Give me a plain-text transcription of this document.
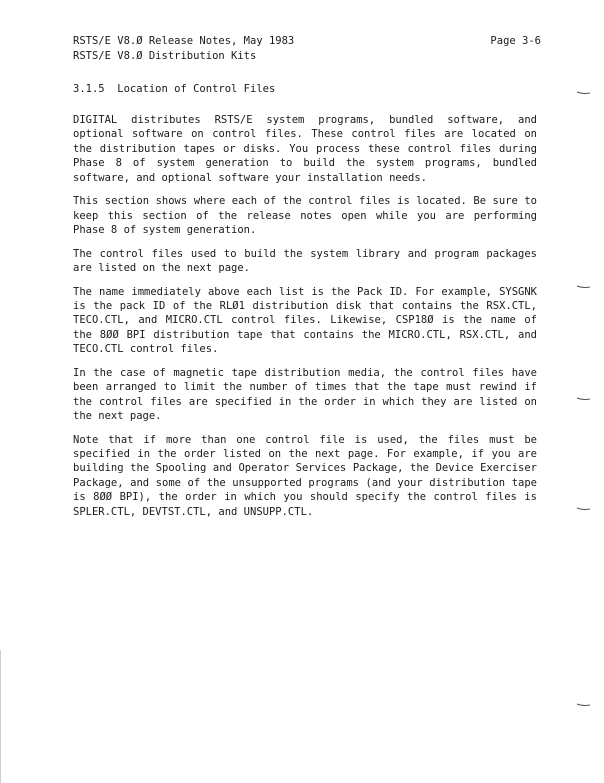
RSTS/E V8.Ø Release Notes, May 1983
RSTS/E V8.Ø Distribution Kits
Page 3-6
3.1.5  Location of Control Files

DIGITAL distributes RSTS/E system programs, bundled software, and optional software on control files. These control files are located on the distribution tapes or disks. You process these control files during Phase 8 of system generation to build the system programs, bundled software, and optional software your installation needs.

This section shows where each of the control files is located. Be sure to keep this section of the release notes open while you are performing Phase 8 of system generation.

The control files used to build the system library and program packages are listed on the next page.

The name immediately above each list is the Pack ID. For example, SYSGNK is the pack ID of the RLØ1 distribution disk that contains the RSX.CTL, TECO.CTL, and MICRO.CTL control files. Likewise, CSP18Ø is the name of the 8ØØ BPI distribution tape that contains the MICRO.CTL, RSX.CTL, and TECO.CTL control files.

In the case of magnetic tape distribution media, the control files have been arranged to limit the number of times that the tape must rewind if the control files are specified in the order in which they are listed on the next page.

Note that if more than one control file is used, the files must be specified in the order listed on the next page. For example, if you are building the Spooling and Operator Services Package, the Device Exerciser Package, and some of the unsupported programs (and your distribution tape is 8ØØ BPI), the order in which you should specify the control files is SPLER.CTL, DEVTST.CTL, and UNSUPP.CTL.
